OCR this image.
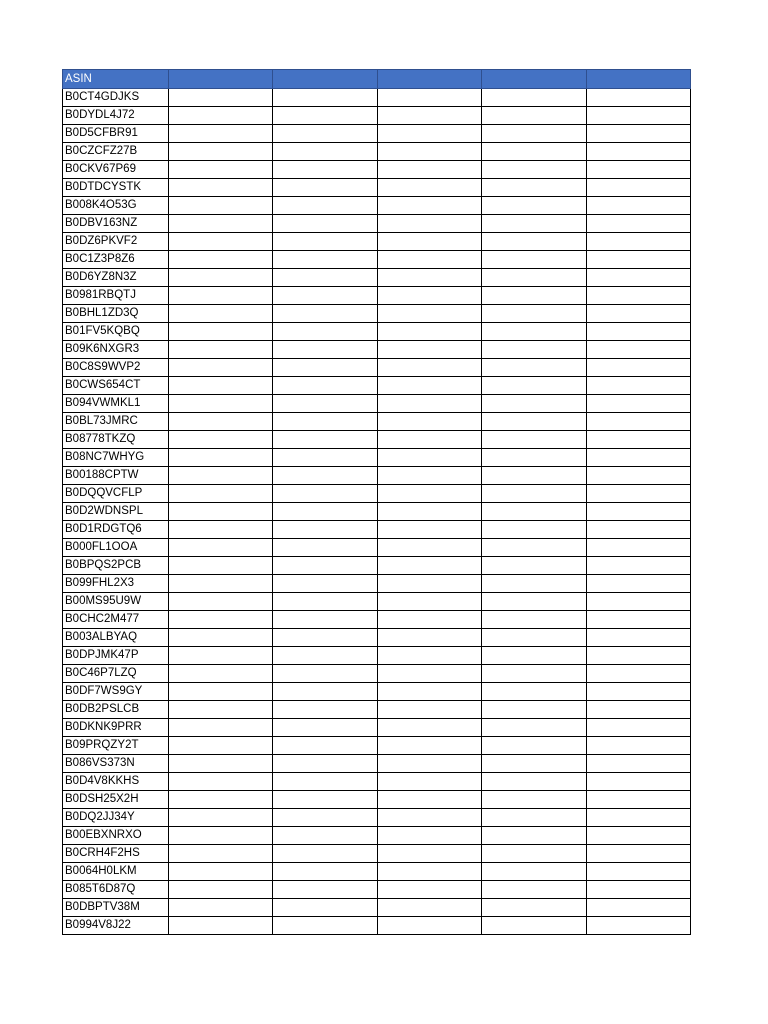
ASIN					
B0CT4GDJKS					
B0DYDL4J72					
B0D5CFBR91					
B0CZCFZ27B					
B0CKV67P69					
B0DTDCYSTK					
B008K4O53G					
B0DBV163NZ					
B0DZ6PKVF2					
B0C1Z3P8Z6					
B0D6YZ8N3Z					
B0981RBQTJ					
B0BHL1ZD3Q					
B01FV5KQBQ					
B09K6NXGR3					
B0C8S9WVP2					
B0CWS654CT					
B094VWMKL1					
B0BL73JMRC					
B08778TKZQ					
B08NC7WHYG					
B00188CPTW					
B0DQQVCFLP					
B0D2WDNSPL					
B0D1RDGTQ6					
B000FL1OOA					
B0BPQS2PCB					
B099FHL2X3					
B00MS95U9W					
B0CHC2M477					
B003ALBYAQ					
B0DPJMK47P					
B0C46P7LZQ					
B0DF7WS9GY					
B0DB2PSLCB					
B0DKNK9PRR					
B09PRQZY2T					
B086VS373N					
B0D4V8KKHS					
B0DSH25X2H					
B0DQ2JJ34Y					
B00EBXNRXO					
B0CRH4F2HS					
B0064H0LKM					
B085T6D87Q					
B0DBPTV38M					
B0994V8J22					
